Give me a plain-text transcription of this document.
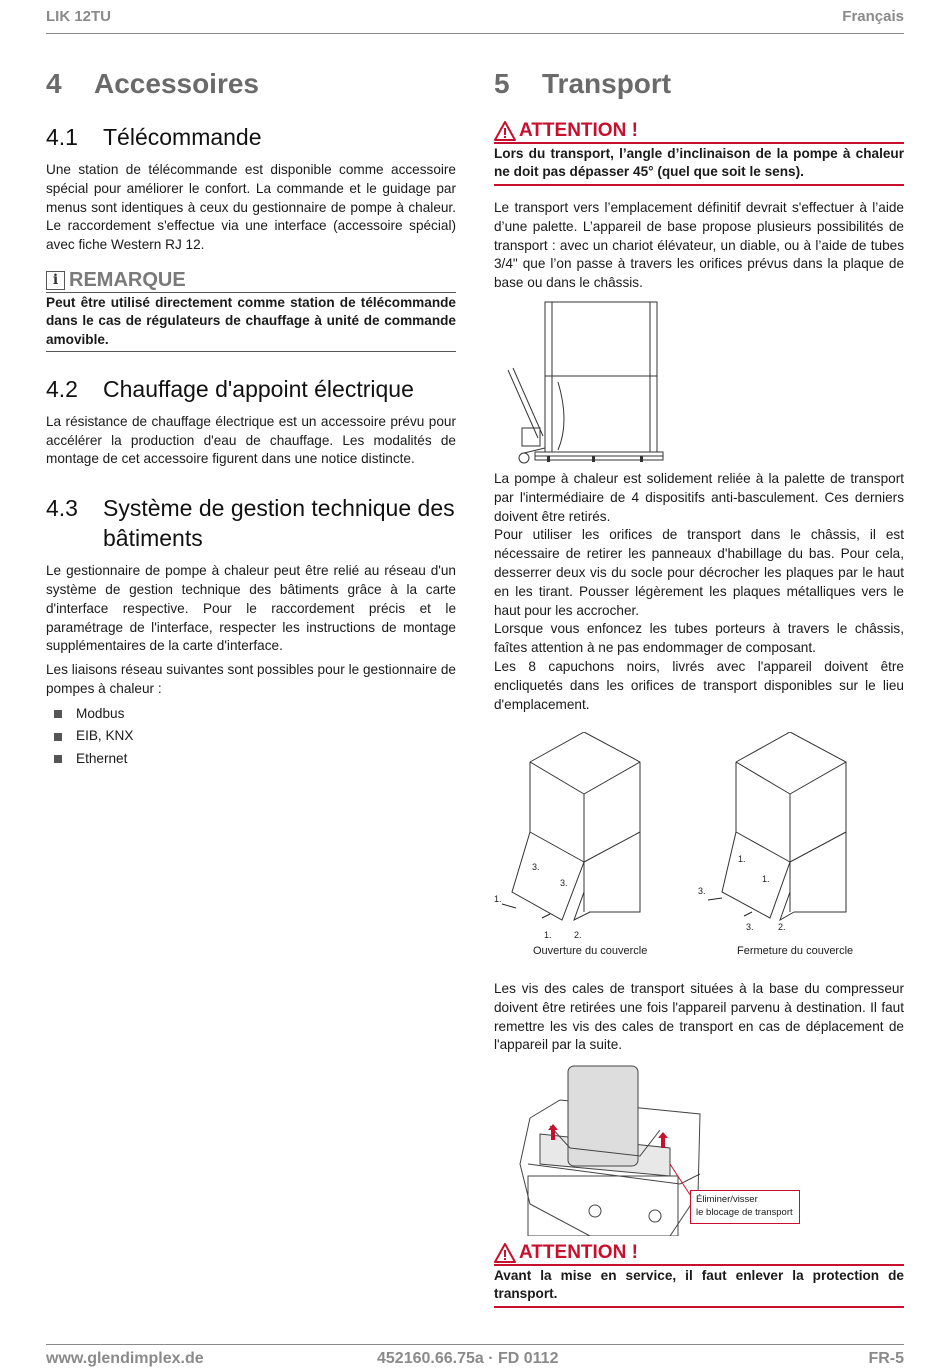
LIK 12TU	Français
4	Accessoires
4.1	Télécommande

Une station de télécommande est disponible comme accessoire spécial pour améliorer le confort. La commande et le guidage par menus sont identiques à ceux du gestionnaire de pompe à chaleur. Le raccordement s'effectue via une interface (accessoire spécial) avec fiche Western RJ 12.

i REMARQUE
Peut être utilisé directement comme station de télécommande dans le cas de régulateurs de chauffage à unité de commande amovible.
4.2	Chauffage d'appoint électrique

La résistance de chauffage électrique est un accessoire prévu pour accélérer la production d'eau de chauffage. Les modalités de montage de cet accessoire figurent dans une notice distincte.

4.3	Système de gestion technique des bâtiments

Le gestionnaire de pompe à chaleur peut être relié au réseau d'un système de gestion technique des bâtiments grâce à la carte d'interface respective. Pour le raccordement précis et le paramétrage de l'interface, respecter les instructions de montage supplémentaires de la carte d'interface.

Les liaisons réseau suivantes sont possibles pour le gestionnaire de pompes à chaleur :

Modbus
EIB, KNX
Ethernet
5	Transport
ATTENTION !
Lors du transport, l’angle d’inclinaison de la pompe à chaleur ne doit pas dépasser 45° (quel que soit le sens).

Le transport vers l’emplacement définitif devrait s'effectuer à l’aide d’une palette. L’appareil de base propose plusieurs possibilités de transport : avec un chariot élévateur, un diable, ou à l’aide de tubes 3/4" que l’on passe à travers les orifices prévus dans la plaque de base ou dans le châssis.

La pompe à chaleur est solidement reliée à la palette de transport par l'intermédiaire de 4 dispositifs anti-basculement. Ces derniers doivent être retirés.

Pour utiliser les orifices de transport dans le châssis, il est nécessaire de retirer les panneaux d'habillage du bas. Pour cela, desserrer deux vis du socle pour décrocher les plaques par le haut en les tirant. Pousser légèrement les plaques métalliques vers le haut pour les accrocher.

Lorsque vous enfoncez les tubes porteurs à travers le châssis, faîtes attention à ne pas endommager de composant.

Les 8 capuchons noirs, livrés avec l'appareil doivent être encliquetés dans les orifices de transport disponibles sur le lieu d'emplacement.

3.
3.
1.
1. 2.
1.
1.
3.
3.	2.
Ouverture du couvercle	Fermeture du couvercle

Les vis des cales de transport situées à la base du compresseur doivent être retirées une fois l'appareil parvenu à destination. Il faut remettre les vis des cales de transport en cas de déplacement de l'appareil par la suite.

Éliminer/visser
le blocage de transport
ATTENTION !
Avant la mise en service, il faut enlever la protection de transport.
www.glendimplex.de	452160.66.75a · FD 0112	FR-5
